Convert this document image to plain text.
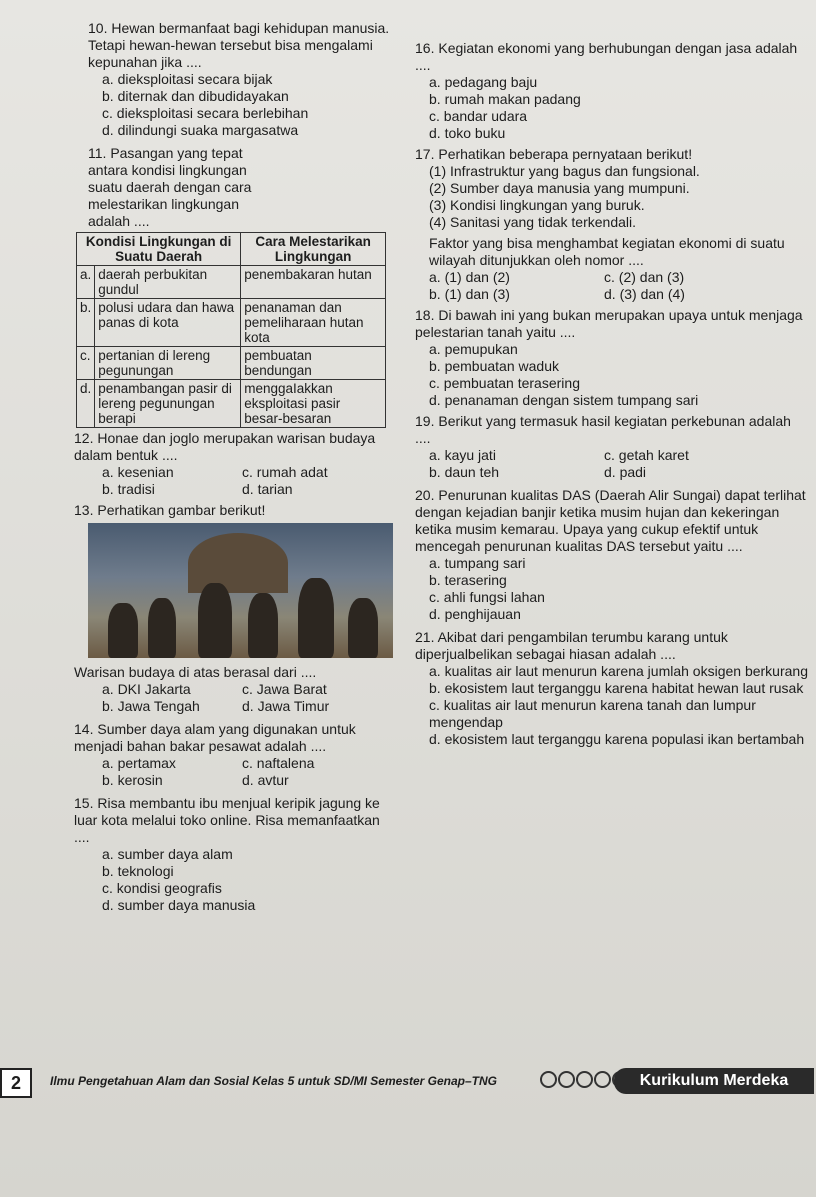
10. Hewan bermanfaat bagi kehidupan manusia. Tetapi hewan-hewan tersebut bisa mengalami kepunahan jika ....

a. dieksploitasi secara bijak

b. diternak dan dibudidayakan

c. dieksploitasi secara berlebihan

d. dilindungi suaka margasatwa

11. Pasangan yang tepat antara kondisi lingkungan suatu daerah dengan cara melestarikan lingkungan adalah ....

Kondisi Lingkungan di Suatu Daerah		Cara Melestarikan Lingkungan
a.	daerah perbukitan gundul	penembakaran hutan
b.	polusi udara dan hawa panas di kota	penanaman dan pemeliharaan hutan kota
c.	pertanian di lereng pegunungan	pembuatan bendungan
d.	penambangan pasir di lereng pegunungan berapi	menggaIakkan eksploitasi pasir besar-besaran

12. Honae dan joglo merupakan warisan budaya dalam bentuk ....

a. kesenian	c. rumah adat
b. tradisi	d. tarian

13. Perhatikan gambar berikut!

Warisan budaya di atas berasal dari ....

a. DKI Jakarta	c. Jawa Barat
b. Jawa Tengah	d. Jawa Timur

14. Sumber daya alam yang digunakan untuk menjadi bahan bakar pesawat adalah ....

a. pertamax	c. naftalena
b. kerosin	d. avtur

15. Risa membantu ibu menjual keripik jagung ke luar kota melalui toko online. Risa memanfaatkan ....

a. sumber daya alam

b. teknologi

c. kondisi geografis

d. sumber daya manusia

16. Kegiatan ekonomi yang berhubungan dengan jasa adalah ....

a. pedagang baju

b. rumah makan padang

c. bandar udara

d. toko buku

17. Perhatikan beberapa pernyataan berikut!

(1) Infrastruktur yang bagus dan fungsional.

(2) Sumber daya manusia yang mumpuni.

(3) Kondisi lingkungan yang buruk.

(4) Sanitasi yang tidak terkendali.

Faktor yang bisa menghambat kegiatan ekonomi di suatu wilayah ditunjukkan oleh nomor ....

a. (1) dan (2)	c. (2) dan (3)
b. (1) dan (3)	d. (3) dan (4)

18. Di bawah ini yang bukan merupakan upaya untuk menjaga pelestarian tanah yaitu ....

a. pemupukan

b. pembuatan waduk

c. pembuatan terasering

d. penanaman dengan sistem tumpang sari

19. Berikut yang termasuk hasil kegiatan perkebunan adalah ....

a. kayu jati	c. getah karet
b. daun teh	d. padi

20. Penurunan kualitas DAS (Daerah Alir Sungai) dapat terlihat dengan kejadian banjir ketika musim hujan dan kekeringan ketika musim kemarau. Upaya yang cukup efektif untuk mencegah penurunan kualitas DAS tersebut yaitu ....

a. tumpang sari

b. terasering

c. ahli fungsi lahan

d. penghijauan

21. Akibat dari pengambilan terumbu karang untuk diperjualbelikan sebagai hiasan adalah ....

a. kualitas air laut menurun karena jumlah oksigen berkurang

b. ekosistem laut terganggu karena habitat hewan laut rusak

c. kualitas air laut menurun karena tanah dan lumpur mengendap

d. ekosistem laut terganggu karena populasi ikan bertambah

2	Ilmu Pengetahuan Alam dan Sosial Kelas 5 untuk SD/MI Semester Genap–TNG	Kurikulum Merdeka
